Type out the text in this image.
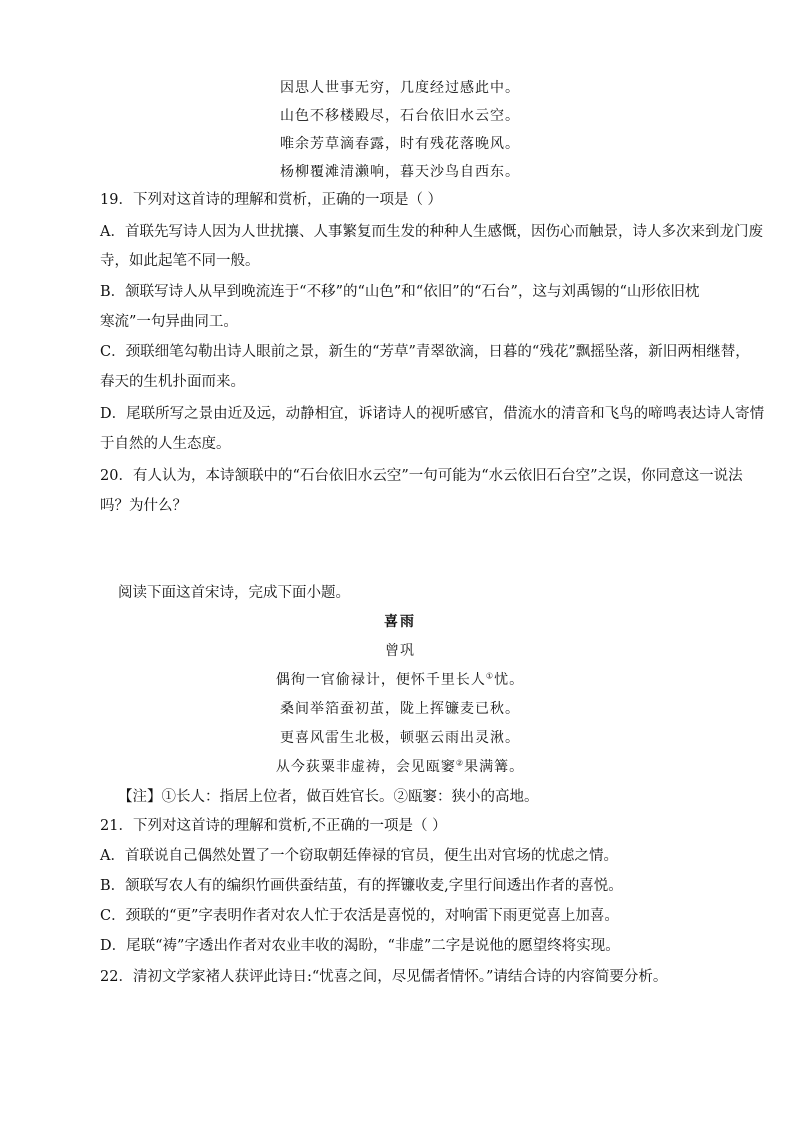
因思人世事无穷，几度经过感此中。
山色不移楼殿尽，石台依旧水云空。
唯余芳草滴春露，时有残花落晚风。
杨柳覆滩清濑响，暮天沙鸟自西东。
19．下列对这首诗的理解和赏析，正确的一项是（ ）
A．首联先写诗人因为人世扰攘、人事繁复而生发的种种人生感慨，因伤心而触景，诗人多次来到龙门废
寺，如此起笔不同一般。
B．颔联写诗人从早到晚流连于“不移”的“山色”和“依旧”的“石台”，这与刘禹锡的“山形依旧枕
寒流”一句异曲同工。
C．颈联细笔勾勒出诗人眼前之景，新生的“芳草”青翠欲滴，日暮的“残花”飘摇坠落，新旧两相继替，
春天的生机扑面而来。
D．尾联所写之景由近及远，动静相宜，诉诸诗人的视听感官，借流水的清音和飞鸟的啼鸣表达诗人寄情
于自然的人生态度。
20．有人认为，本诗颔联中的“石台依旧水云空”一句可能为“水云依旧石台空”之误，你同意这一说法
吗？为什么？
阅读下面这首宋诗，完成下面小题。
喜雨
曾巩
偶徇一官偷禄计，便怀千里长人①忧。
桑间举箔蚕初茧，陇上挥镰麦已秋。
更喜风雷生北极，顿驱云雨出灵湫。
从今荻粟非虚祷，会见瓯窭②果满篝。
【注】①长人：指居上位者，做百姓官长。②瓯窭：狭小的高地。
21．下列对这首诗的理解和赏析,不正确的一项是（ ）
A．首联说自己偶然处置了一个窃取朝廷俸禄的官员，便生出对官场的忧虑之情。
B．颔联写农人有的编织竹画供蚕结茧，有的挥镰收麦,字里行间透出作者的喜悦。
C．颈联的“更”字表明作者对农人忙于农活是喜悦的，对响雷下雨更觉喜上加喜。
D．尾联“祷”字透出作者对农业丰收的渴盼，“非虚”二字是说他的愿望终将实现。
22．清初文学家褚人获评此诗日:“忧喜之间，尽见儒者情怀。”请结合诗的内容简要分析。
